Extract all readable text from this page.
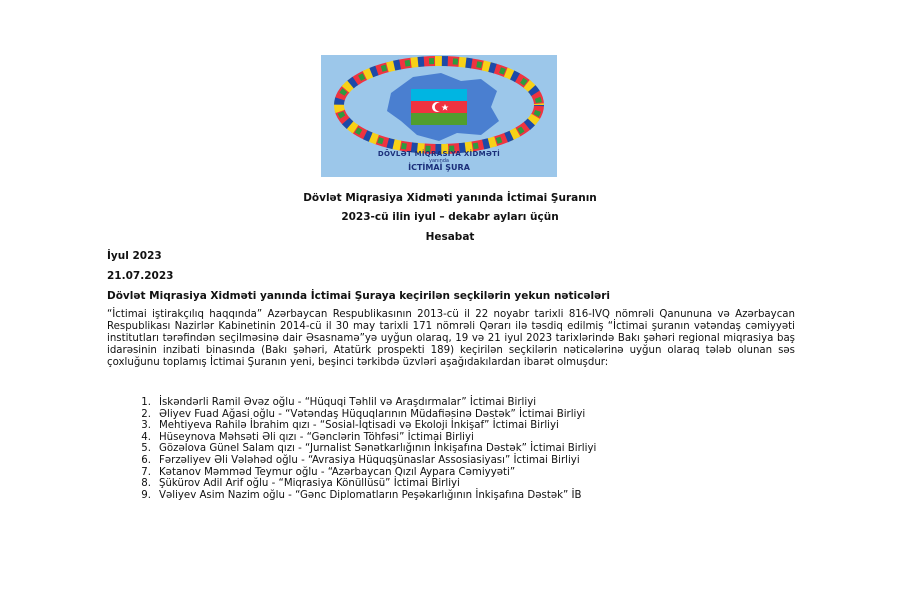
DÖVLƏT MİQRASİYA XİDMƏTİ
yanında
İCTİMAİ ŞURA
Dövlət Miqrasiya Xidməti yanında İctimai Şuranın
2023-cü ilin iyul – dekabr ayları üçün
Hesabat
İyul 2023
21.07.2023
Dövlət Miqrasiya Xidməti yanında İctimai Şuraya keçirilən seçkilərin yekun nəticələri
“İctimai iştirakçılıq haqqında” Azərbaycan Respublikasının 2013-cü il 22 noyabr tarixli 816-IVQ nömrəli Qanununa və Azərbaycan Respublikası Nazirlər Kabinetinin 2014-cü il 30 may tarixli 171 nömrəli Qərarı ilə təsdiq edilmiş “İctimai şuranın vətəndaş cəmiyyəti institutları tərəfindən seçilməsinə dair Əsasnamə”yə uyğun olaraq, 19 və 21 iyul 2023 tarixlərində Bakı şəhəri regional miqrasiya baş idarəsinin inzibati binasında (Bakı şəhəri, Atatürk prospekti 189) keçirilən seçkilərin nəticələrinə uyğun olaraq tələb olunan səs çoxluğunu toplamış İctimai Şuranın yeni, beşinci tərkibdə üzvləri aşağıdakılardan ibarət olmuşdur:
1. İskəndərli Ramil Əvəz oğlu - “Hüquqi Təhlil və Araşdırmalar” İctimai Birliyi
2. Əliyev Fuad Ağasi oğlu - “Vətəndaş Hüquqlarının Müdafiəsinə Dəstək” İctimai Birliyi
3. Mehtiyeva Rahilə İbrahim qızı - “Sosial-İqtisadi və Ekoloji İnkişaf” İctimai Birliyi
4. Hüseynova Məhsəti Əli qızı - “Gənclərin Töhfəsi” İctimai Birliyi
5. Gözəlova Günel Salam qızı - “Jurnalist Sənətkarlığının İnkişafına Dəstək” İctimai Birliyi
6. Fərzəliyev Əli Vələhəd oğlu - “Avrasiya Hüquqşünaslar Assosiasiyası” İctimai Birliyi
7. Kətanov Məmməd Teymur oğlu - “Azərbaycan Qızıl Aypara Cəmiyyəti”
8. Şükürov Adil Arif oğlu - “Miqrasiya Könüllüsü” İctimai Birliyi
9. Vəliyev Asim Nazim oğlu - “Gənc Diplomatların Peşəkarlığının İnkişafına Dəstək” İB
